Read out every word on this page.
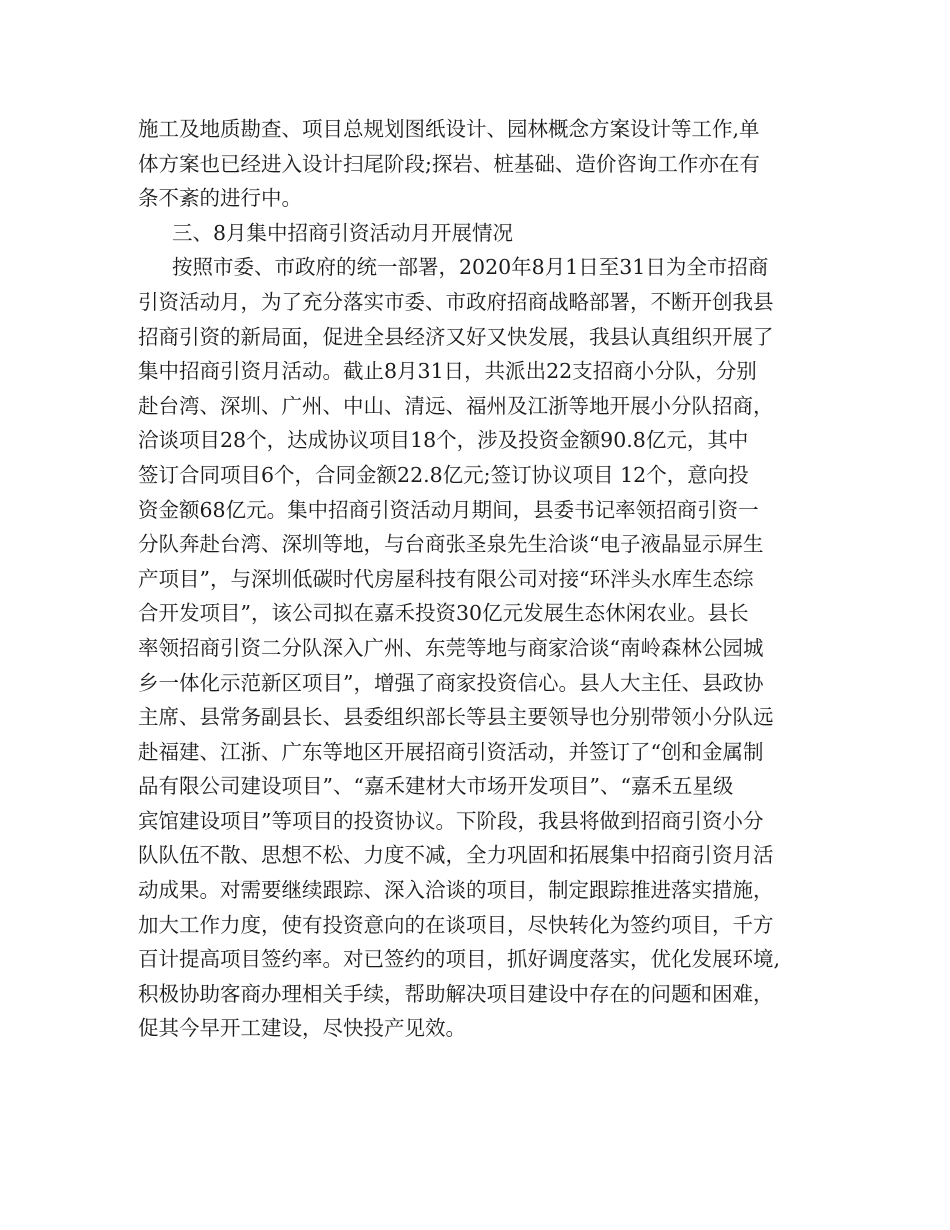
施工及地质勘查、项目总规划图纸设计、园林概念方案设计等工作,单
体方案也已经进入设计扫尾阶段;探岩、桩基础、造价咨询工作亦在有
条不紊的进行中。
三、8月集中招商引资活动月开展情况
按照市委、市政府的统一部署，2020年8月1日至31日为全市招商
引资活动月，为了充分落实市委、市政府招商战略部署，不断开创我县
招商引资的新局面，促进全县经济又好又快发展，我县认真组织开展了
集中招商引资月活动。截止8月31日，共派出22支招商小分队，分别
赴台湾、深圳、广州、中山、清远、福州及江浙等地开展小分队招商，
洽谈项目28个，达成协议项目18个，涉及投资金额90.8亿元，其中
签订合同项目6个，合同金额22.8亿元;签订协议项目 12个，意向投
资金额68亿元。集中招商引资活动月期间，县委书记率领招商引资一
分队奔赴台湾、深圳等地，与台商张圣泉先生洽谈“电子液晶显示屏生
产项目”，与深圳低碳时代房屋科技有限公司对接“环泮头水库生态综
合开发项目”，该公司拟在嘉禾投资30亿元发展生态休闲农业。县长
率领招商引资二分队深入广州、东莞等地与商家洽谈“南岭森林公园城
乡一体化示范新区项目”，增强了商家投资信心。县人大主任、县政协
主席、县常务副县长、县委组织部长等县主要领导也分别带领小分队远
赴福建、江浙、广东等地区开展招商引资活动，并签订了“创和金属制
品有限公司建设项目”、“嘉禾建材大市场开发项目”、“嘉禾五星级
宾馆建设项目”等项目的投资协议。下阶段，我县将做到招商引资小分
队队伍不散、思想不松、力度不减，全力巩固和拓展集中招商引资月活
动成果。对需要继续跟踪、深入洽谈的项目，制定跟踪推进落实措施，
加大工作力度，使有投资意向的在谈项目，尽快转化为签约项目，千方
百计提高项目签约率。对已签约的项目，抓好调度落实，优化发展环境,
积极协助客商办理相关手续，帮助解决项目建设中存在的问题和困难，
促其今早开工建设，尽快投产见效。
